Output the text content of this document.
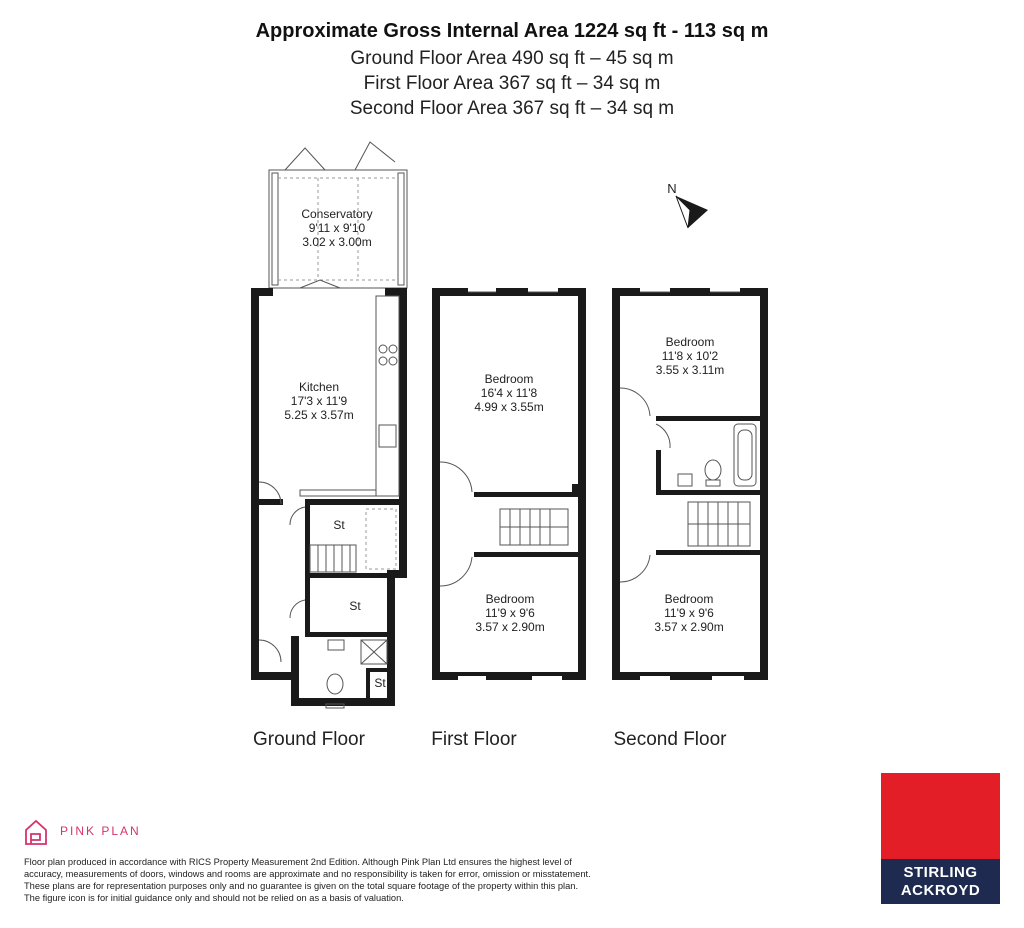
Approximate Gross Internal Area 1224 sq ft - 113 sq m
Ground Floor Area 490 sq ft – 45 sq m
First Floor Area 367 sq ft – 34 sq m
Second Floor Area 367 sq ft – 34 sq m
Conservatory
9'11 x 9'10
3.02 x 3.00m
Kitchen
17'3 x 11'9
5.25 x 3.57m
St
St
St
Ground Floor
Bedroom
16'4 x 11'8
4.99 x 3.55m
Bedroom
11'9 x 9'6
3.57 x 2.90m
First Floor
Bedroom
11'8 x 10'2
3.55 x 3.11m
Bedroom
11'9 x 9'6
3.57 x 2.90m
Second Floor
N
PINK PLAN
Floor plan produced in accordance with RICS Property Measurement 2nd Edition. Although Pink Plan Ltd ensures the highest level of accuracy, measurements of doors, windows and rooms are approximate and no responsibility is taken for error, omission or misstatement. These plans are for representation purposes only and no guarantee is given on the total square footage of the property within this plan. The figure icon is for initial guidance only and should not be relied on as a basis of valuation.
STIRLING
ACKROYD
